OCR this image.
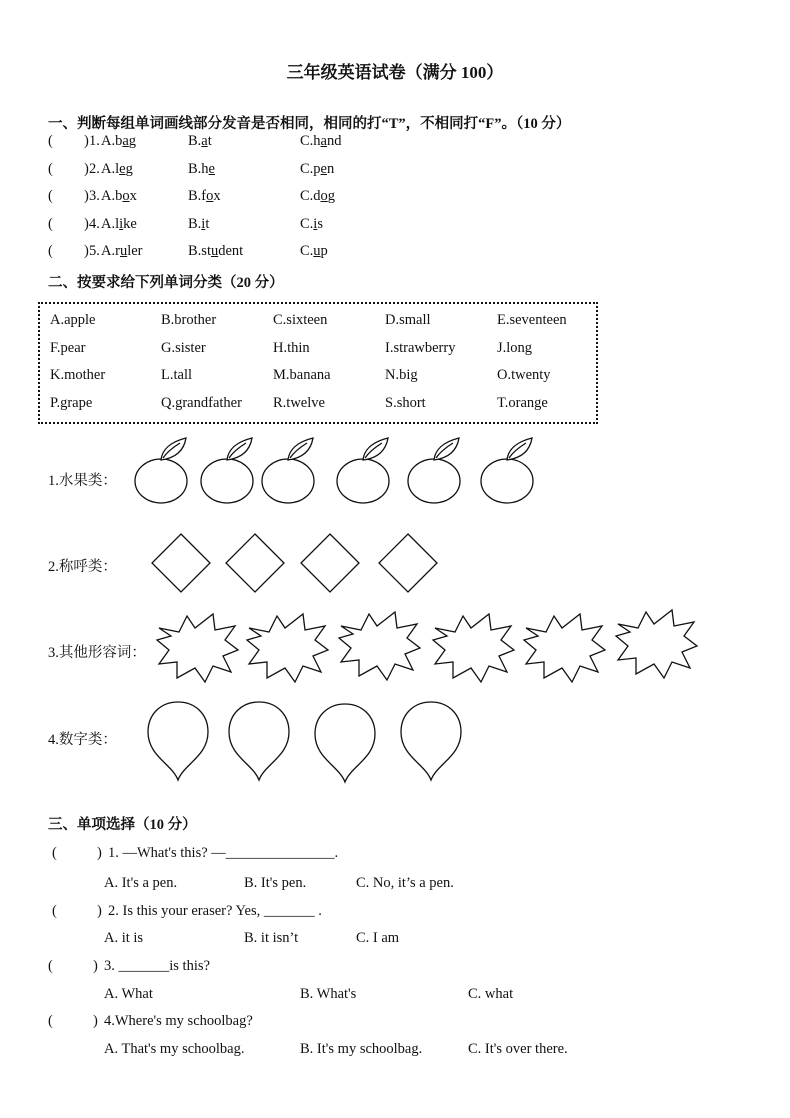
三年级英语试卷（满分 100）
一、判断每组单词画线部分发音是否相同，相同的打“T”，不相同打“F”。（10 分）
( ) 1. A.bag	B.at	C.hand
( ) 2. A.leg	B.he	C.pen
( ) 3. A.box	B.fox	C.dog
( ) 4. A.like	B.it	C.is
( ) 5. A.ruler	B.student	C.up
二、按要求给下列单词分类（20 分）
A.apple	B.brother	C.sixteen	D.small	E.seventeen
F.pear	G.sister	H.thin	I.strawberry	J.long
K.mother	L.tall	M.banana	N.big	O.twenty
P.grape	Q.grandfather R.twelve	S.short	T.orange
1.水果类：
2.称呼类：
3.其他形容词：
4.数字类：
三、单项选择（10 分）
(	) 1. —What's this? —_______________.
A. It's a pen.	B. It's pen.	C. No, it’s a pen.
(	) 2. Is this your eraser? Yes, _______ .
A. it is	B. it isn’t	C. I am
(	) 3. _______is this?
A. What	B. What's	C. what
(	) 4.Where's my schoolbag?
A. That's my schoolbag.	B. It's my schoolbag.	C. It's over there.
